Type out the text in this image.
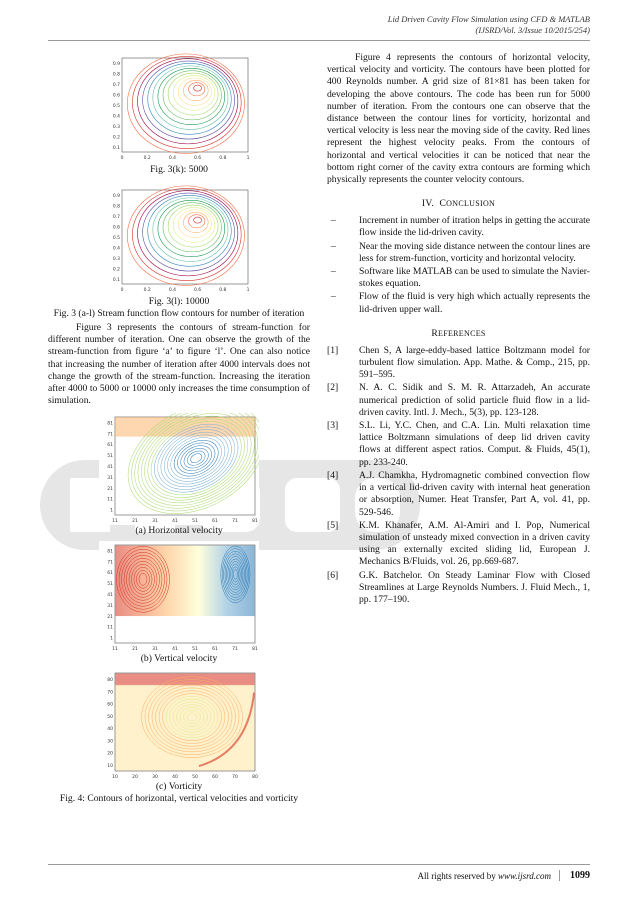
Lid Driven Cavity Flow Simulation using CFD & MATLAB
(IJSRD/Vol. 3/Issue 10/2015/254)
0.9
0.8
0.7
0.6
0.5
0.4
0.3
0.2
0.1
0	0.2	0.4	0.6	0.8	1

Fig. 3(k): 5000

0.9
0.8
0.7
0.6
0.5
0.4
0.3
0.2
0.1
0	0.2	0.4	0.6	0.8	1

Fig. 3(l): 10000

Fig. 3 (a-l) Stream function flow contours for number of iteration

Figure 3 represents the contours of stream-function for different number of iteration. One can observe the growth of the stream-function from figure ‘a’ to figure ‘l’. One can also notice that increasing the number of iteration after 4000 intervals does not change the growth of the stream-function. Increasing the iteration after 4000 to 5000 or 10000 only increases the time consumption of simulation.

81
71
61
51
41
31
21
11
1
11	21	31	41	51	61	71	81

(a) Horizontal velocity

81
71
61
51
41
31
21
11
1
11	21	31	41	51	61	71	81

(b) Vertical velocity

80
70
60
50
40
30
20
10
10	20	30	40	50	60	70	80

(c) Vorticity

Fig. 4: Contours of horizontal, vertical velocities and vorticity

Figure 4 represents the contours of horizontal velocity, vertical velocity and vorticity. The contours have been plotted for 400 Reynolds number. A grid size of 81×81 has been taken for developing the above contours. The code has been run for 5000 number of iteration. From the contours one can observe that the distance between the contour lines for vorticity, horizontal and vertical velocity is less near the moving side of the cavity. Red lines represent the highest velocity peaks. From the contours of horizontal and vertical velocities it can be noticed that near the bottom right corner of the cavity extra contours are forming which physically represents the counter velocity contours.

IV. CONCLUSION
– Increment in number of itration helps in getting the accurate flow inside the lid-driven cavity.
– Near the moving side distance netween the contour lines are less for strem-function, vorticity and horizontal velocity.
– Software like MATLAB can be used to simulate the Navier-stokes equation.
– Flow of the fluid is very high which actually represents the lid-driven upper wall.
REFERENCES
[1] Chen S, A large-eddy-based lattice Boltzmann model for turbulent flow simulation. App. Mathe. & Comp., 215, pp. 591–595.
[2] N. A. C. Sidik and S. M. R. Attarzadeh, An accurate numerical prediction of solid particle fluid flow in a lid-driven cavity. Intl. J. Mech., 5(3), pp. 123-128.
[3] S.L. Li, Y.C. Chen, and C.A. Lin. Multi relaxation time lattice Boltzmann simulations of deep lid driven cavity flows at different aspect ratios. Comput. & Fluids, 45(1), pp. 233-240.
[4] A.J. Chamkha, Hydromagnetic combined convection flow in a vertical lid-driven cavity with internal heat generation or absorption, Numer. Heat Transfer, Part A, vol. 41, pp. 529-546.
[5] K.M. Khanafer, A.M. Al-Amiri and I. Pop, Numerical simulation of unsteady mixed convection in a driven cavity using an externally excited sliding lid, European J. Mechanics B/Fluids, vol. 26, pp.669-687.
[6] G.K. Batchelor. On Steady Laminar Flow with Closed Streamlines at Large Reynolds Numbers. J. Fluid Mech., 1, pp. 177–190.
All rights reserved by www.ijsrd.com	1099
